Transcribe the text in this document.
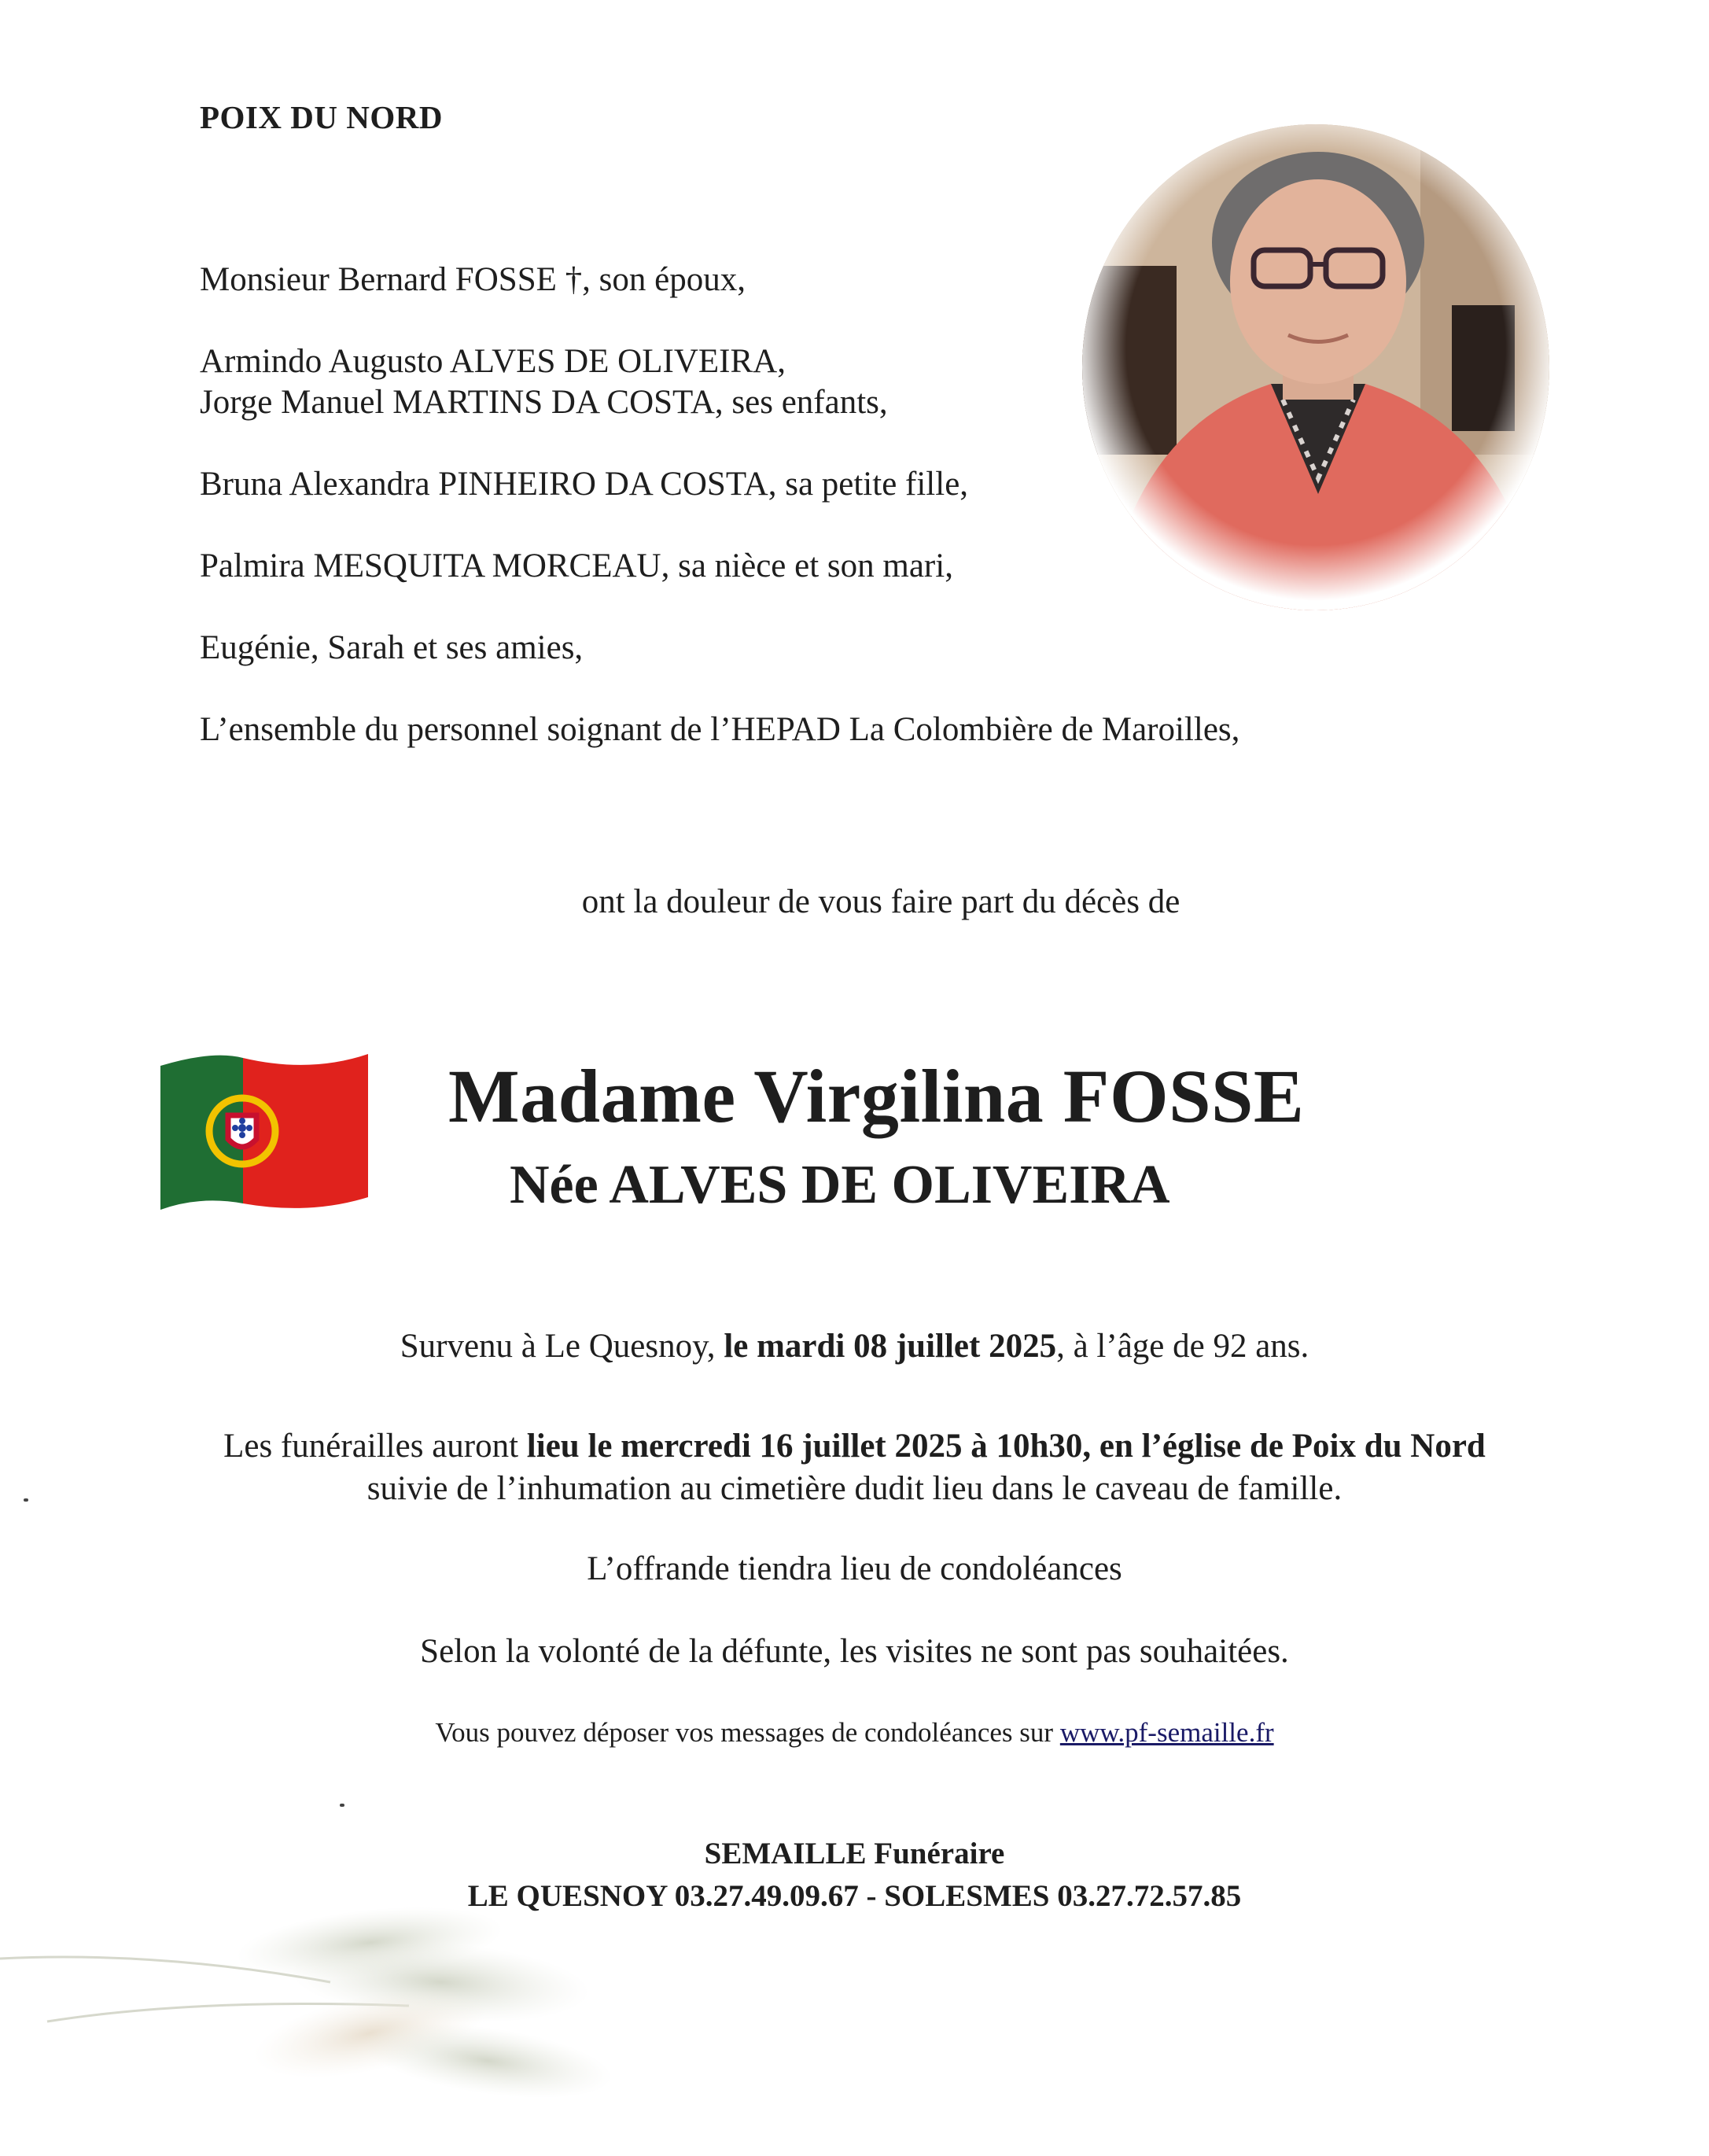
POIX DU NORD
Monsieur Bernard FOSSE †, son époux,
Armindo Augusto ALVES DE OLIVEIRA,
Jorge Manuel MARTINS DA COSTA, ses enfants,
Bruna Alexandra PINHEIRO DA COSTA, sa petite fille,
Palmira MESQUITA MORCEAU, sa nièce et son mari,
Eugénie, Sarah et ses amies,
L’ensemble du personnel soignant de l’HEPAD La Colombière de Maroilles,
ont la douleur de vous faire part du décès de
Madame Virgilina FOSSE
Née ALVES DE OLIVEIRA
Survenu à Le Quesnoy, le mardi 08 juillet 2025, à l’âge de 92 ans.
Les funérailles auront lieu le mercredi 16 juillet 2025 à 10h30, en l’église de Poix du Nord
suivie de l’inhumation au cimetière dudit lieu dans le caveau de famille.
L’offrande tiendra lieu de condoléances
Selon la volonté de la défunte, les visites ne sont pas souhaitées.
Vous pouvez déposer vos messages de condoléances sur www.pf-semaille.fr
SEMAILLE Funéraire
LE QUESNOY 03.27.49.09.67 - SOLESMES 03.27.72.57.85
